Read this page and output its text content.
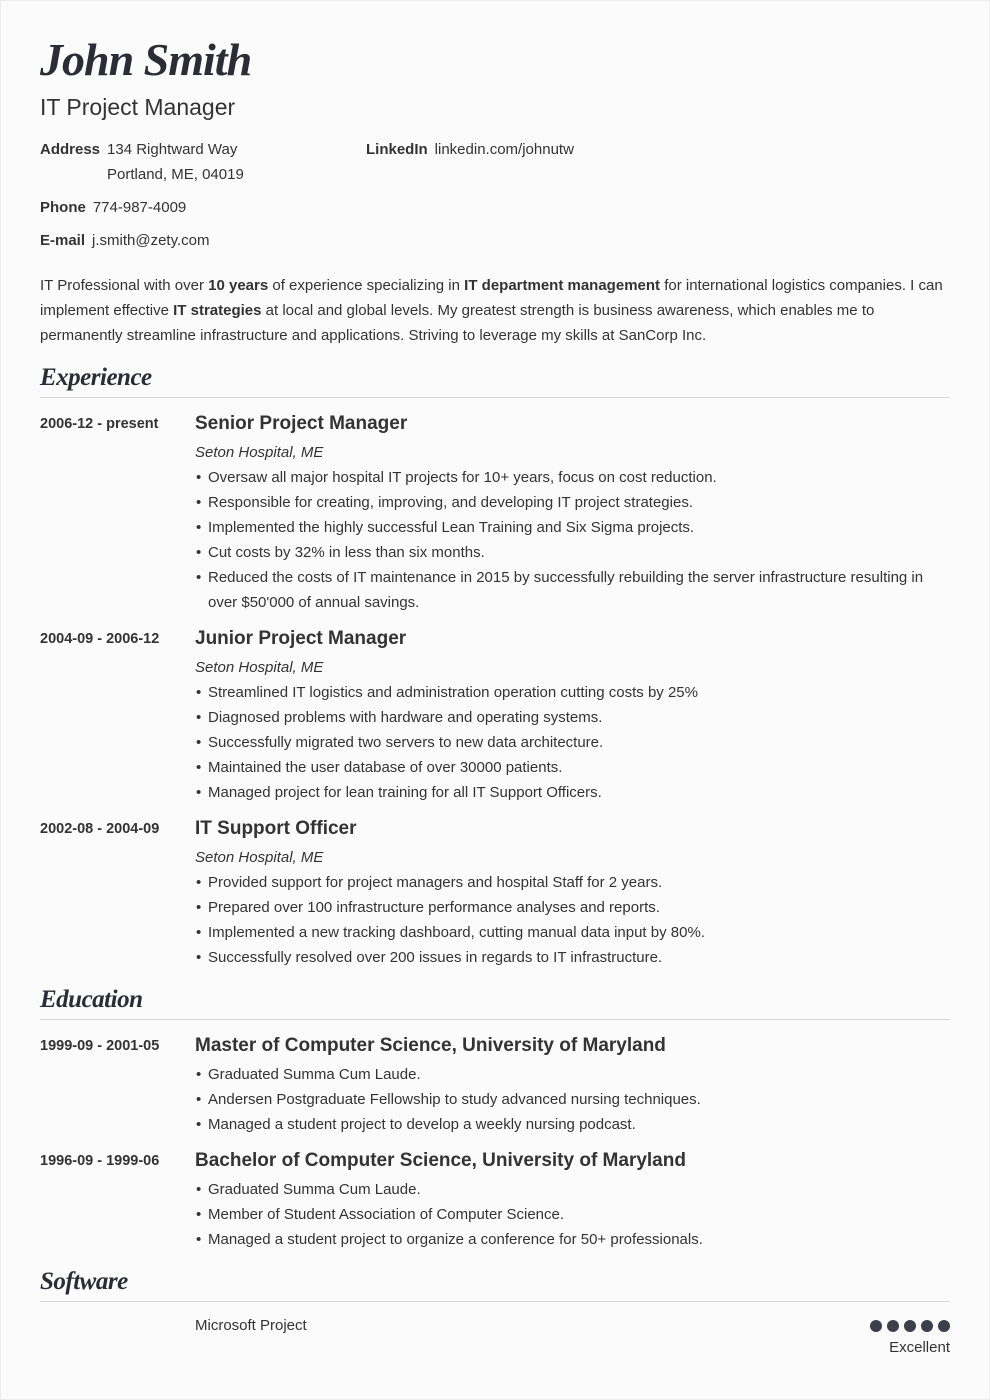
John Smith
IT Project Manager
Address 134 Rightward Way
Portland, ME, 04019
LinkedIn linkedin.com/johnutw
Phone 774-987-4009
E-mail j.smith@zety.com

IT Professional with over 10 years of experience specializing in IT department management for international logistics companies. I can implement effective IT strategies at local and global levels. My greatest strength is business awareness, which enables me to permanently streamline infrastructure and applications. Striving to leverage my skills at SanCorp Inc.

Experience
2006-12 - present	Senior Project Manager
Seton Hospital, ME
• Oversaw all major hospital IT projects for 10+ years, focus on cost reduction.
• Responsible for creating, improving, and developing IT project strategies.
• Implemented the highly successful Lean Training and Six Sigma projects.
• Cut costs by 32% in less than six months.
• Reduced the costs of IT maintenance in 2015 by successfully rebuilding the server infrastructure resulting in over $50'000 of annual savings.
2004-09 - 2006-12	Junior Project Manager
Seton Hospital, ME
• Streamlined IT logistics and administration operation cutting costs by 25%
• Diagnosed problems with hardware and operating systems.
• Successfully migrated two servers to new data architecture.
• Maintained the user database of over 30000 patients.
• Managed project for lean training for all IT Support Officers.
2002-08 - 2004-09	IT Support Officer
Seton Hospital, ME
• Provided support for project managers and hospital Staff for 2 years.
• Prepared over 100 infrastructure performance analyses and reports.
• Implemented a new tracking dashboard, cutting manual data input by 80%.
• Successfully resolved over 200 issues in regards to IT infrastructure.
Education
1999-09 - 2001-05	Master of Computer Science, University of Maryland
• Graduated Summa Cum Laude.
• Andersen Postgraduate Fellowship to study advanced nursing techniques.
• Managed a student project to develop a weekly nursing podcast.
1996-09 - 1999-06	Bachelor of Computer Science, University of Maryland
• Graduated Summa Cum Laude.
• Member of Student Association of Computer Science.
• Managed a student project to organize a conference for 50+ professionals.
Software
Microsoft Project
Excellent
